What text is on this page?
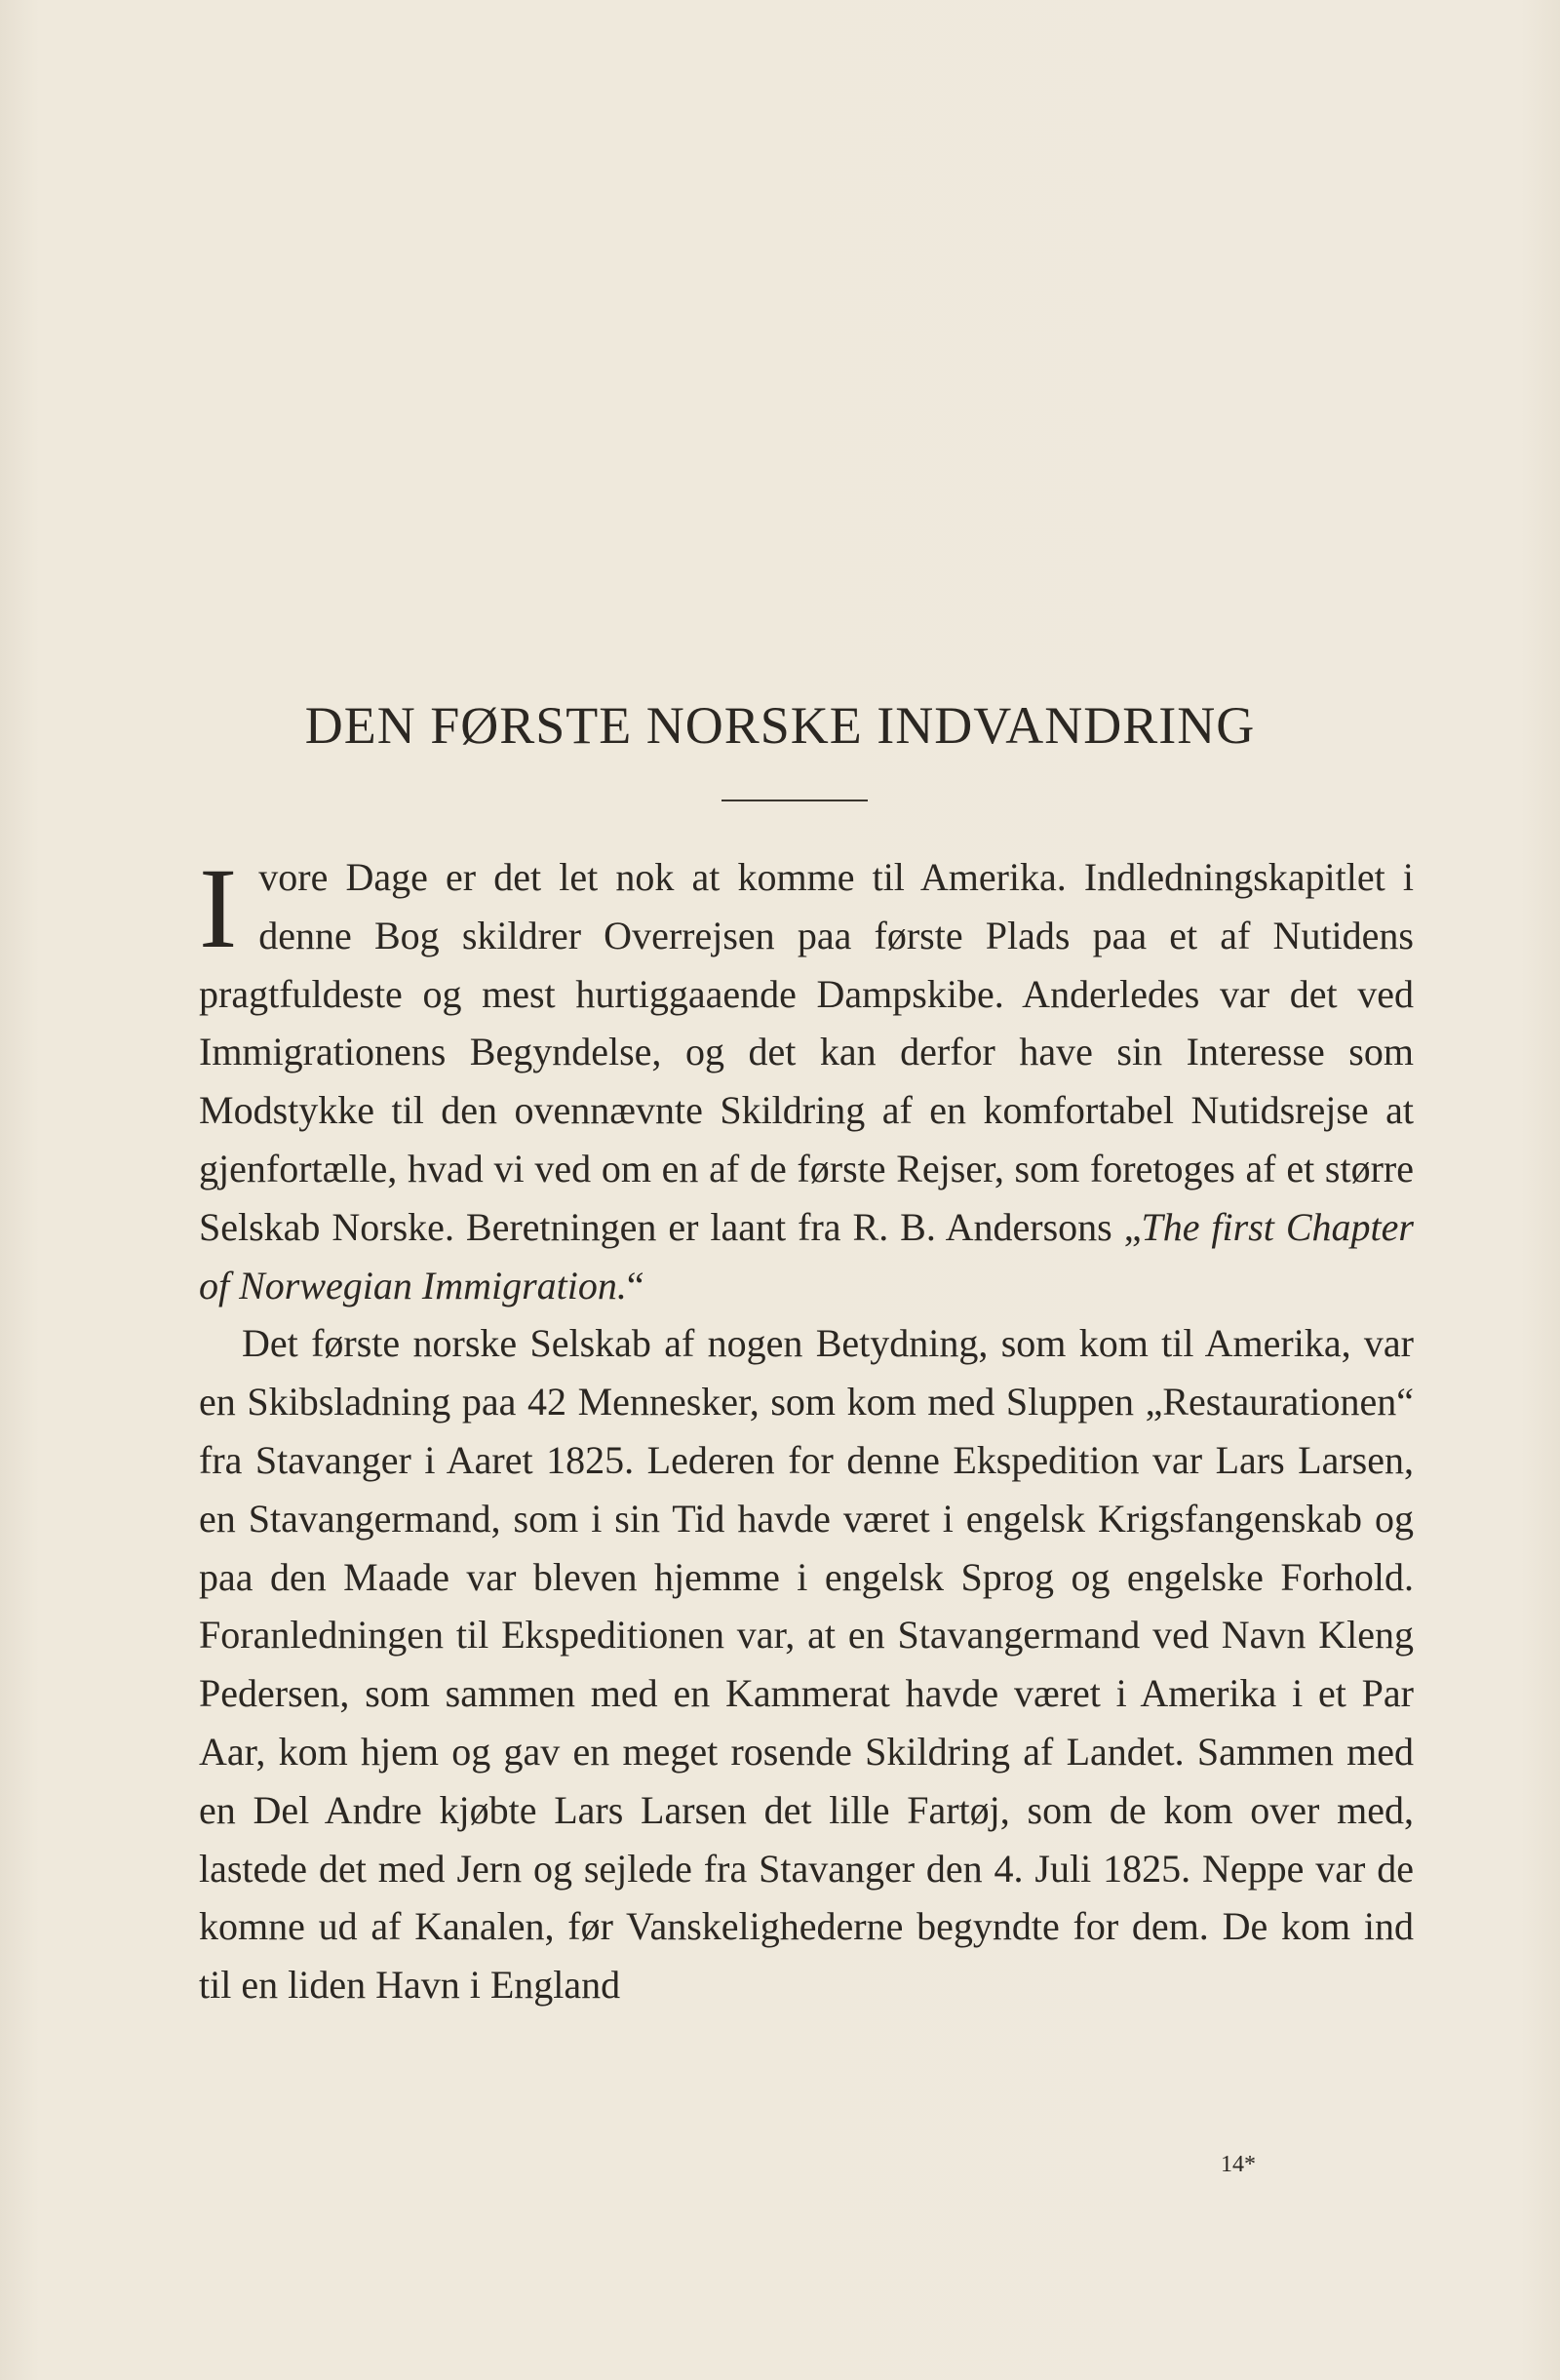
DEN FØRSTE NORSKE INDVANDRING

Ivore Dage er det let nok at komme til Amerika. Indledningskapitlet i denne Bog skildrer Overrejsen paa første Plads paa et af Nutidens pragtfuldeste og mest hurtiggaaende Dampskibe. Anderledes var det ved Immigrationens Begyndelse, og det kan derfor have sin Interesse som Modstykke til den ovennævnte Skildring af en komfortabel Nutidsrejse at gjenfortælle, hvad vi ved om en af de første Rejser, som foretoges af et større Selskab Norske. Beretningen er laant fra R. B. Andersons „The first Chapter of Norwegian Immigration.“

Det første norske Selskab af nogen Betydning, som kom til Amerika, var en Skibsladning paa 42 Mennesker, som kom med Sluppen „Restaurationen“ fra Stavanger i Aaret 1825. Lederen for denne Ekspedition var Lars Larsen, en Stavangermand, som i sin Tid havde været i engelsk Krigsfangenskab og paa den Maade var bleven hjemme i engelsk Sprog og engelske Forhold. Foranledningen til Ekspeditionen var, at en Stavangermand ved Navn Kleng Pedersen, som sammen med en Kammerat havde været i Amerika i et Par Aar, kom hjem og gav en meget rosende Skildring af Landet. Sammen med en Del Andre kjøbte Lars Larsen det lille Fartøj, som de kom over med, lastede det med Jern og sejlede fra Stavanger den 4. Juli 1825. Neppe var de komne ud af Kanalen, før Vanskelighederne begyndte for dem. De kom ind til en liden Havn i England

14*
